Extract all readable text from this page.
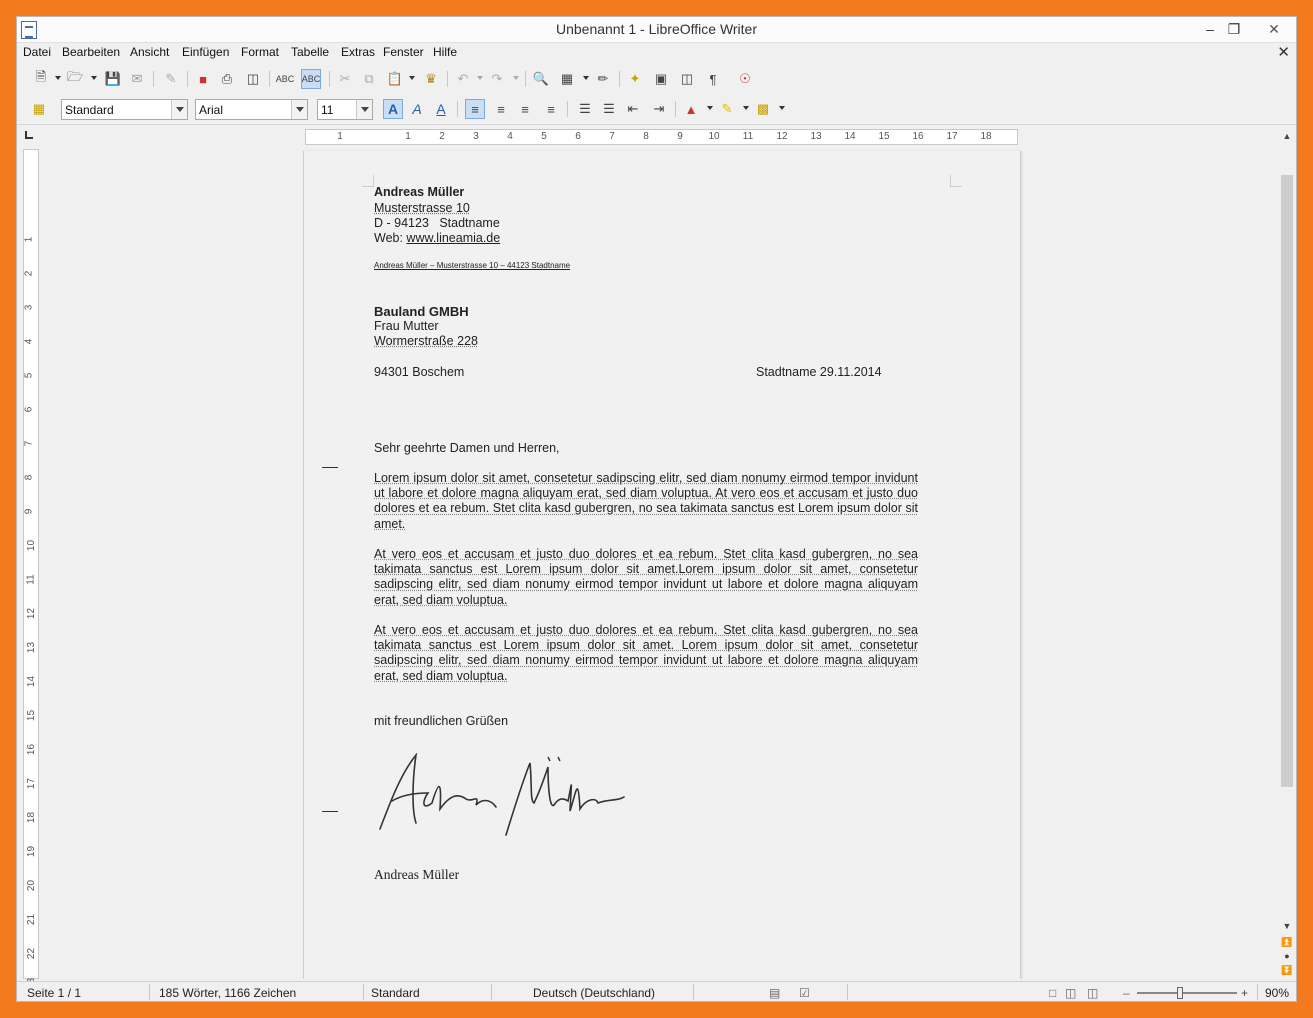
Unbenannt 1 - LibreOffice Writer	– ❐	✕
Datei Bearbeiten Ansicht Einfügen Format Tabelle Extras Fenster Hilfe	✕
🗎	🗁 💾 ✉	✎	■	⎙	◫	ABC ABC	✂	⧉	📋	♛	↶	↷	🔍 ▦	✏	✦	▣ ◫	¶	☉
▦	Standard	Arial	11	A	A	A	≡	≡	≡	≡	☰ ☰ ⇤	⇥	▲	✎	▩
1	1	2	3	4	5	6	7	8	9	10 11 12 13 14 15 16 17 18
1
2
3
4
5
6
7
8
9
10
11
12
13
14
15
16
17
18
19
20
21
22
Andreas Müller
Musterstrasse 10
D - 94123   Stadtname
Web: www.lineamia.de
Andreas Müller – Musterstrasse 10 – 44123 Stadtname
Bauland GMBH
Frau Mutter
Wormerstraße 228
94301 Boschem	Stadtname 29.11.2014
Sehr geehrte Damen und Herren,
Lorem ipsum dolor sit amet, consetetur sadipscing elitr, sed diam nonumy eirmod tempor invidunt ut labore et dolore magna aliquyam erat, sed diam voluptua. At vero eos et accusam et justo duo dolores et ea rebum. Stet clita kasd gubergren, no sea takimata sanctus est Lorem ipsum dolor sit amet.
At vero eos et accusam et justo duo dolores et ea rebum. Stet clita kasd gubergren, no sea takimata sanctus est Lorem ipsum dolor sit amet.Lorem ipsum dolor sit amet, consetetur sadipscing elitr, sed diam nonumy eirmod tempor invidunt ut labore et dolore magna aliquyam erat, sed diam voluptua.
At vero eos et accusam et justo duo dolores et ea rebum. Stet clita kasd gubergren, no sea takimata sanctus est Lorem ipsum dolor sit amet. Lorem ipsum dolor sit amet, consetetur sadipscing elitr, sed diam nonumy eirmod tempor invidunt ut labore et dolore magna aliquyam erat, sed diam voluptua.
mit freundlichen Grüßen
Andreas Müller
▲
▼
⏫
●
⏬
Seite 1 / 1	185 Wörter, 1166 Zeichen	Standard	Deutsch (Deutschland)	▤ ☑	□ ◫ ◫ –	+ 90%
